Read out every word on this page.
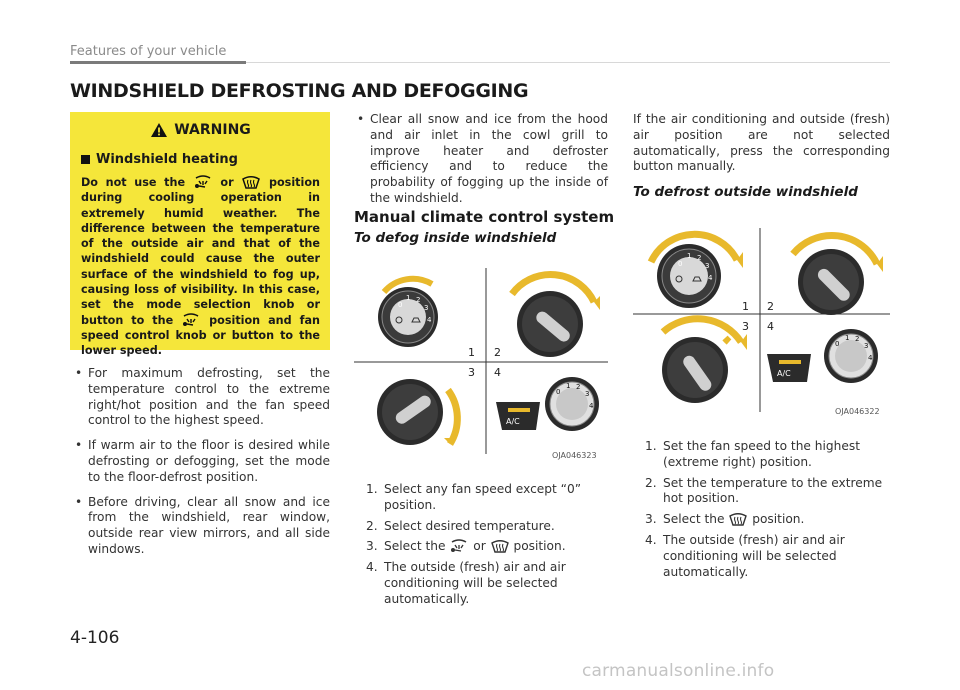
Features of your vehicle
WINDSHIELD DEFROSTING AND DEFOGGING
WARNING
Windshield heating
Do not use the	or	position during cooling operation in extremely humid weather. The difference between the temperature of the outside air and that of the windshield could cause the outer surface of the windshield to fog up, causing loss of visibility. In this case, set the mode selection knob or button to the	position and fan speed control knob or button to the lower speed.
• For maximum defrosting, set the temperature control to the extreme right/hot position and the fan speed control to the highest speed.
• If warm air to the floor is desired while defrosting or defogging, set the mode to the floor-defrost position.
• Before driving, clear all snow and ice from the windshield, rear window, outside rear view mirrors, and all side windows.
• Clear all snow and ice from the hood and air inlet in the cowl grill to improve heater and defroster efficiency and to reduce the probability of fogging up the inside of the windshield.
Manual climate control system
To defog inside windshield
0
1 2
3
4
~
~
A/C
0
1 2
3
4
1 2
3 4
OJA046323
1. Select any fan speed except “0” position.
2. Select desired temperature.
3. Select the or position.
4. The outside (fresh) air and air conditioning will be selected automatically.
If the air conditioning and outside (fresh) air position are not selected automatically, press the corresponding button manually.
To defrost outside windshield
0
1 2
3
4
~
~
A/C
0
1 2
3
4
1 2
3 4
OJA046322
1. Set the fan speed to the highest (extreme right) position.
2. Set the temperature to the extreme hot position.
3. Select the position.
4. The outside (fresh) air and air conditioning will be selected automatically.
4-106
carmanualsonline.info
